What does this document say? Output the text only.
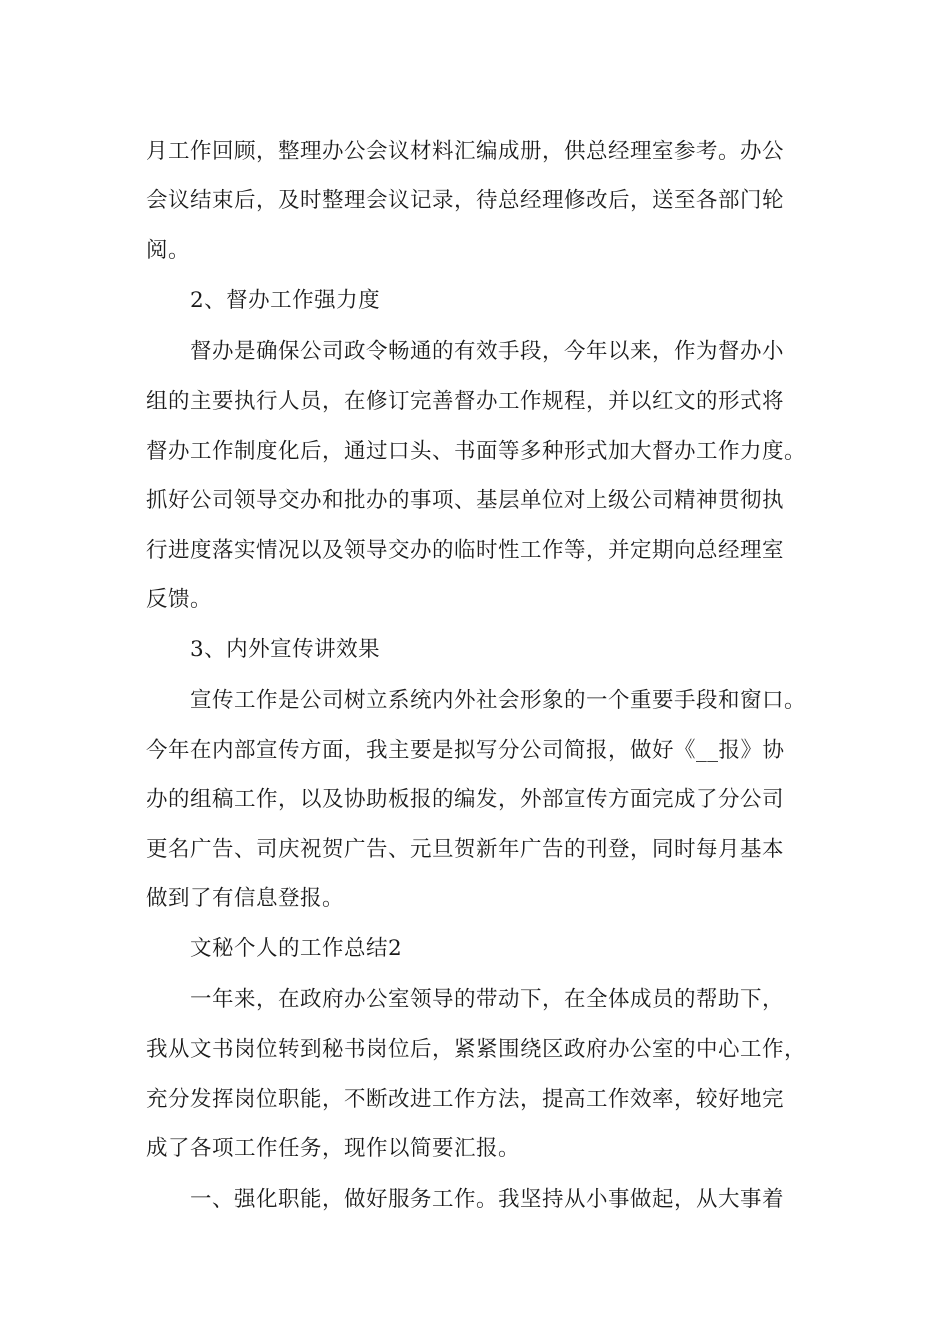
月工作回顾，整理办公会议材料汇编成册，供总经理室参考。办公
会议结束后，及时整理会议记录，待总经理修改后，送至各部门轮
阅。
2、督办工作强力度
督办是确保公司政令畅通的有效手段，今年以来，作为督办小
组的主要执行人员，在修订完善督办工作规程，并以红文的形式将
督办工作制度化后，通过口头、书面等多种形式加大督办工作力度。
抓好公司领导交办和批办的事项、基层单位对上级公司精神贯彻执
行进度落实情况以及领导交办的临时性工作等，并定期向总经理室
反馈。
3、内外宣传讲效果
宣传工作是公司树立系统内外社会形象的一个重要手段和窗口。
今年在内部宣传方面，我主要是拟写分公司简报，做好《__报》协
办的组稿工作，以及协助板报的编发，外部宣传方面完成了分公司
更名广告、司庆祝贺广告、元旦贺新年广告的刊登，同时每月基本
做到了有信息登报。
文秘个人的工作总结2
一年来，在政府办公室领导的带动下，在全体成员的帮助下，
我从文书岗位转到秘书岗位后，紧紧围绕区政府办公室的中心工作，
充分发挥岗位职能，不断改进工作方法，提高工作效率，较好地完
成了各项工作任务，现作以简要汇报。
一、强化职能，做好服务工作。我坚持从小事做起，从大事着
